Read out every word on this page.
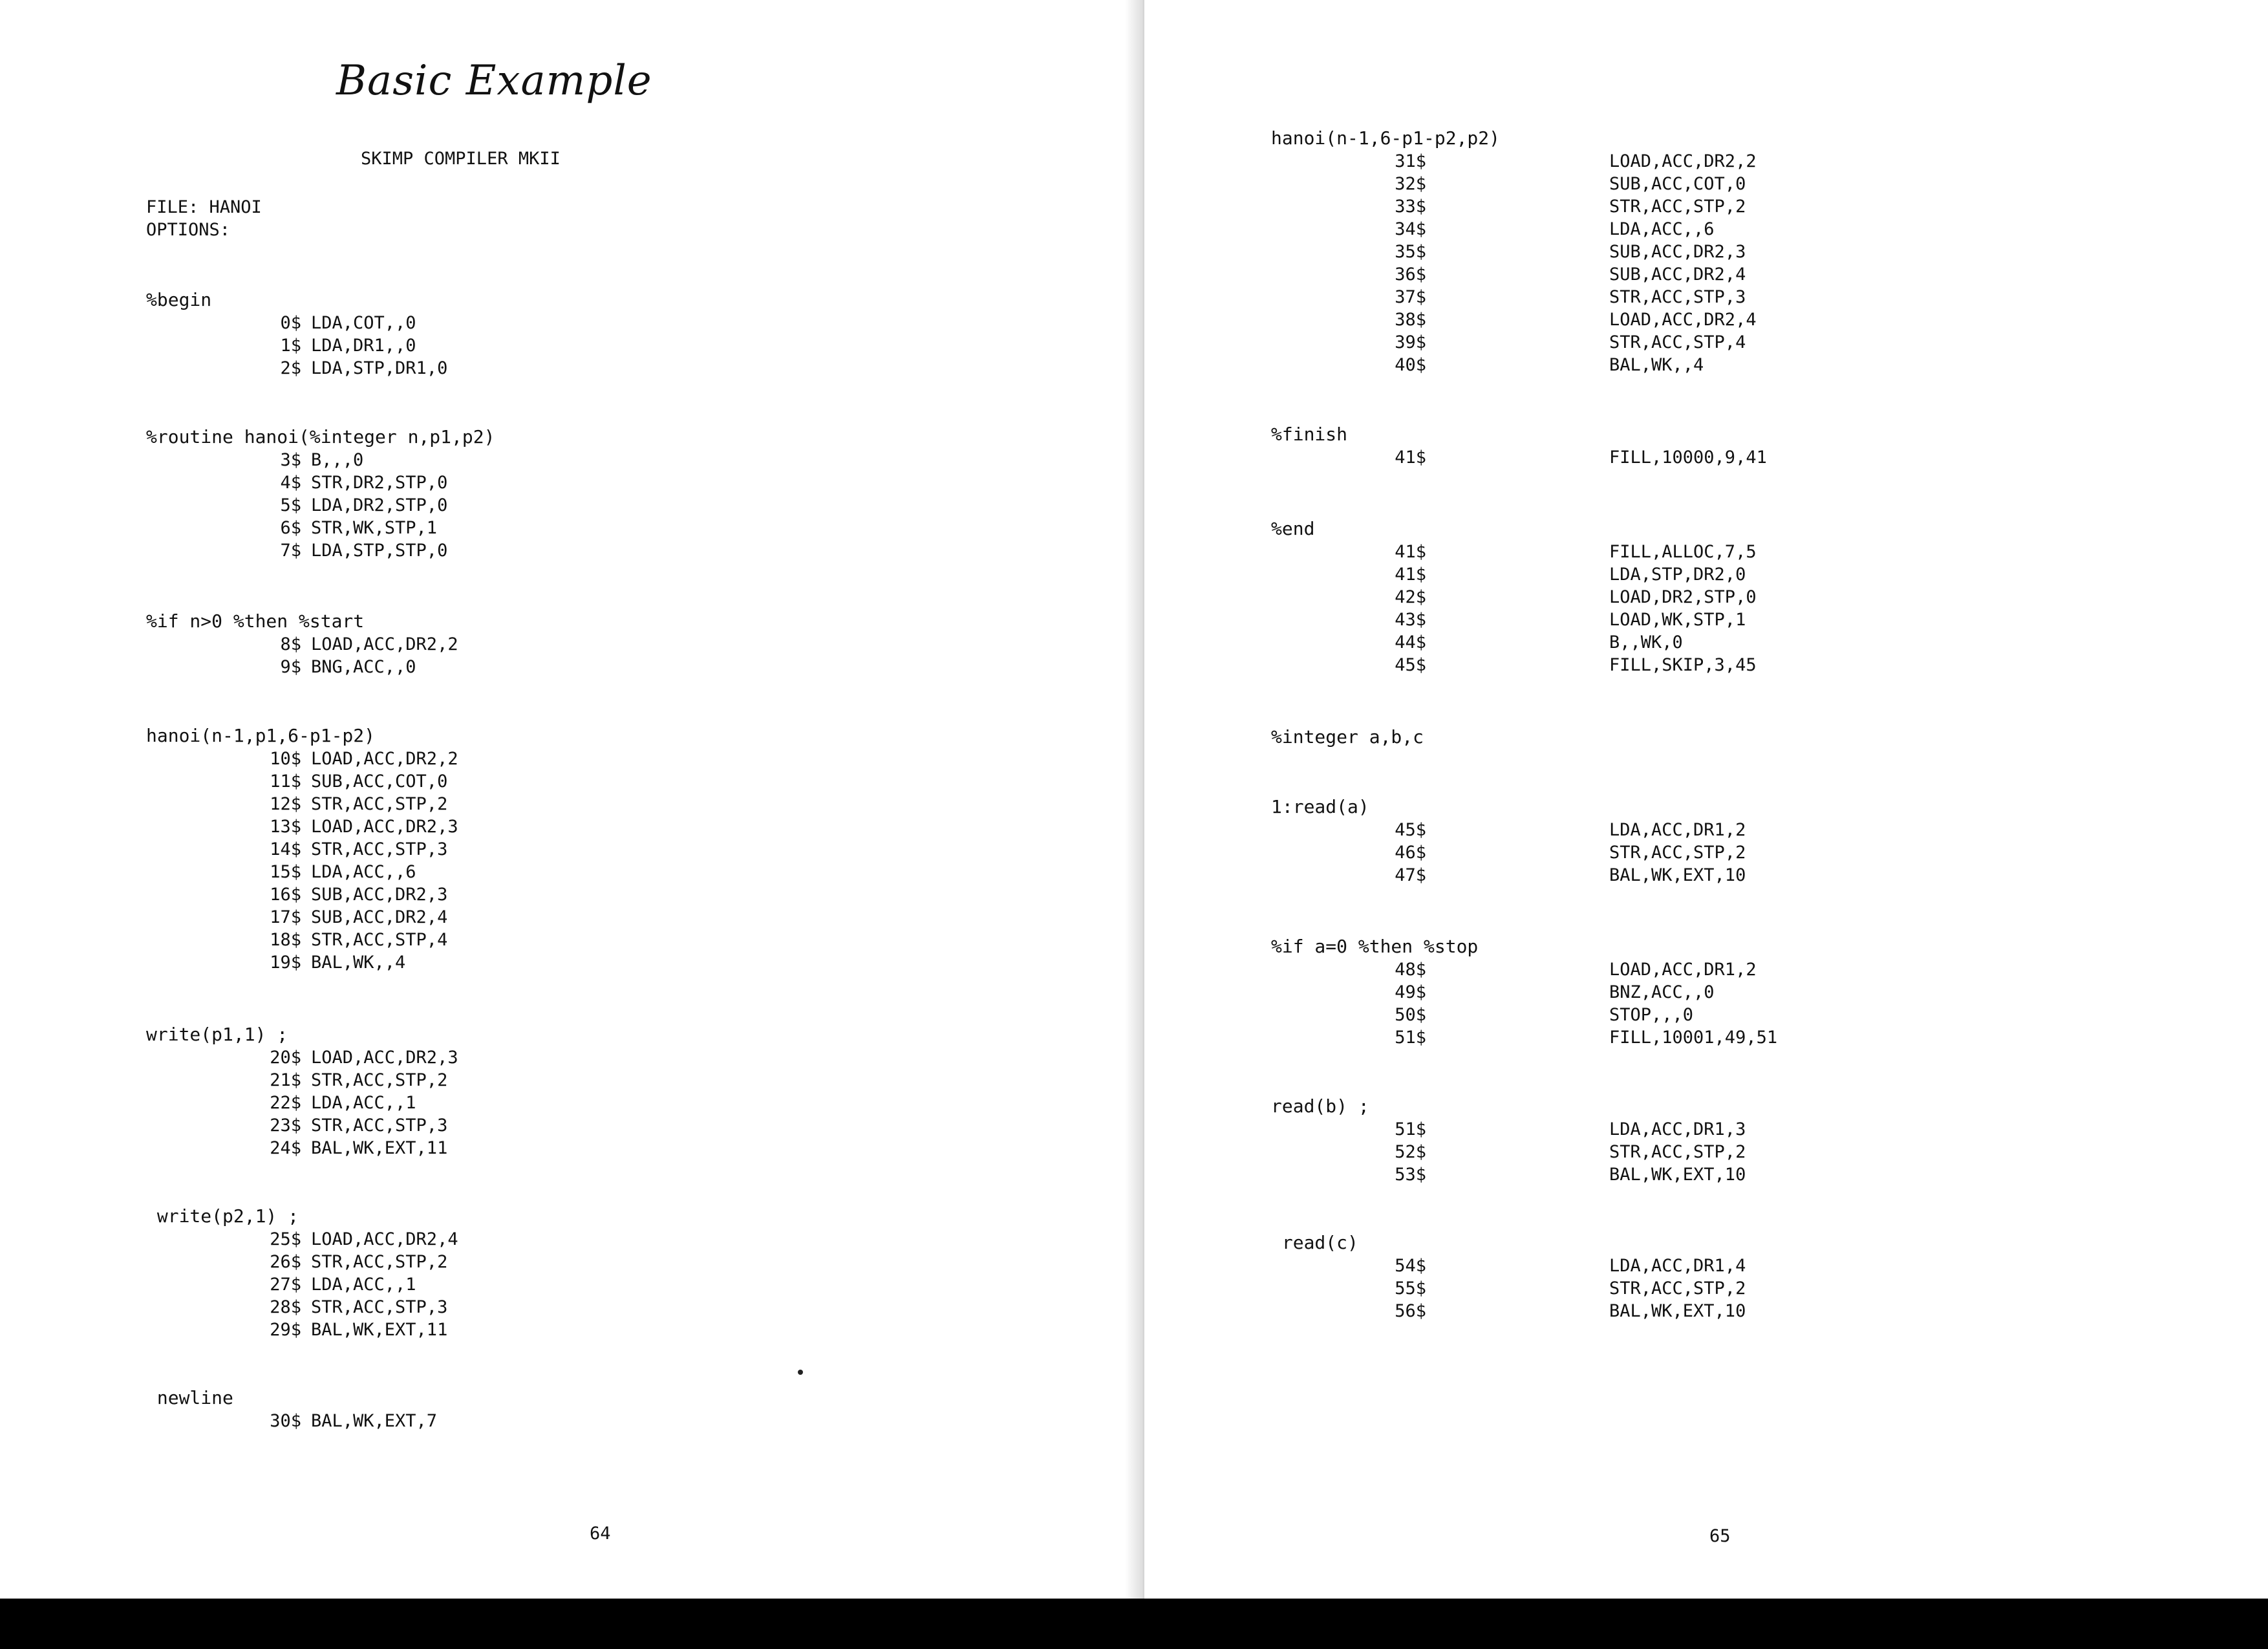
Basic Example
SKIMP COMPILER MKII
FILE: HANOI
OPTIONS:
%begin
0$ LDA,COT,,0
1$ LDA,DR1,,0
2$ LDA,STP,DR1,0
%routine hanoi(%integer n,p1,p2)
3$ B,,,0
4$ STR,DR2,STP,0
5$ LDA,DR2,STP,0
6$ STR,WK,STP,1
7$ LDA,STP,STP,0
%if n>0 %then %start
8$ LOAD,ACC,DR2,2
9$ BNG,ACC,,0
hanoi(n-1,p1,6-p1-p2)
10$ LOAD,ACC,DR2,2
11$ SUB,ACC,COT,0
12$ STR,ACC,STP,2
13$ LOAD,ACC,DR2,3
14$ STR,ACC,STP,3
15$ LDA,ACC,,6
16$ SUB,ACC,DR2,3
17$ SUB,ACC,DR2,4
18$ STR,ACC,STP,4
19$ BAL,WK,,4
write(p1,1) ;
20$ LOAD,ACC,DR2,3
21$ STR,ACC,STP,2
22$ LDA,ACC,,1
23$ STR,ACC,STP,3
24$ BAL,WK,EXT,11
write(p2,1) ;
25$ LOAD,ACC,DR2,4
26$ STR,ACC,STP,2
27$ LDA,ACC,,1
28$ STR,ACC,STP,3
29$ BAL,WK,EXT,11
newline
30$ BAL,WK,EXT,7
64
hanoi(n-1,6-p1-p2,p2)
31$	LOAD,ACC,DR2,2
32$	SUB,ACC,COT,0
33$	STR,ACC,STP,2
34$	LDA,ACC,,6
35$	SUB,ACC,DR2,3
36$	SUB,ACC,DR2,4
37$	STR,ACC,STP,3
38$	LOAD,ACC,DR2,4
39$	STR,ACC,STP,4
40$	BAL,WK,,4
%finish
41$	FILL,10000,9,41
%end
41$	FILL,ALLOC,7,5
41$	LDA,STP,DR2,0
42$	LOAD,DR2,STP,0
43$	LOAD,WK,STP,1
44$	B,,WK,0
45$	FILL,SKIP,3,45
%integer a,b,c
1:read(a)
45$	LDA,ACC,DR1,2
46$	STR,ACC,STP,2
47$	BAL,WK,EXT,10
%if a=0 %then %stop
48$	LOAD,ACC,DR1,2
49$	BNZ,ACC,,0
50$	STOP,,,0
51$	FILL,10001,49,51
read(b) ;
51$	LDA,ACC,DR1,3
52$	STR,ACC,STP,2
53$	BAL,WK,EXT,10
read(c)
54$	LDA,ACC,DR1,4
55$	STR,ACC,STP,2
56$	BAL,WK,EXT,10
65
